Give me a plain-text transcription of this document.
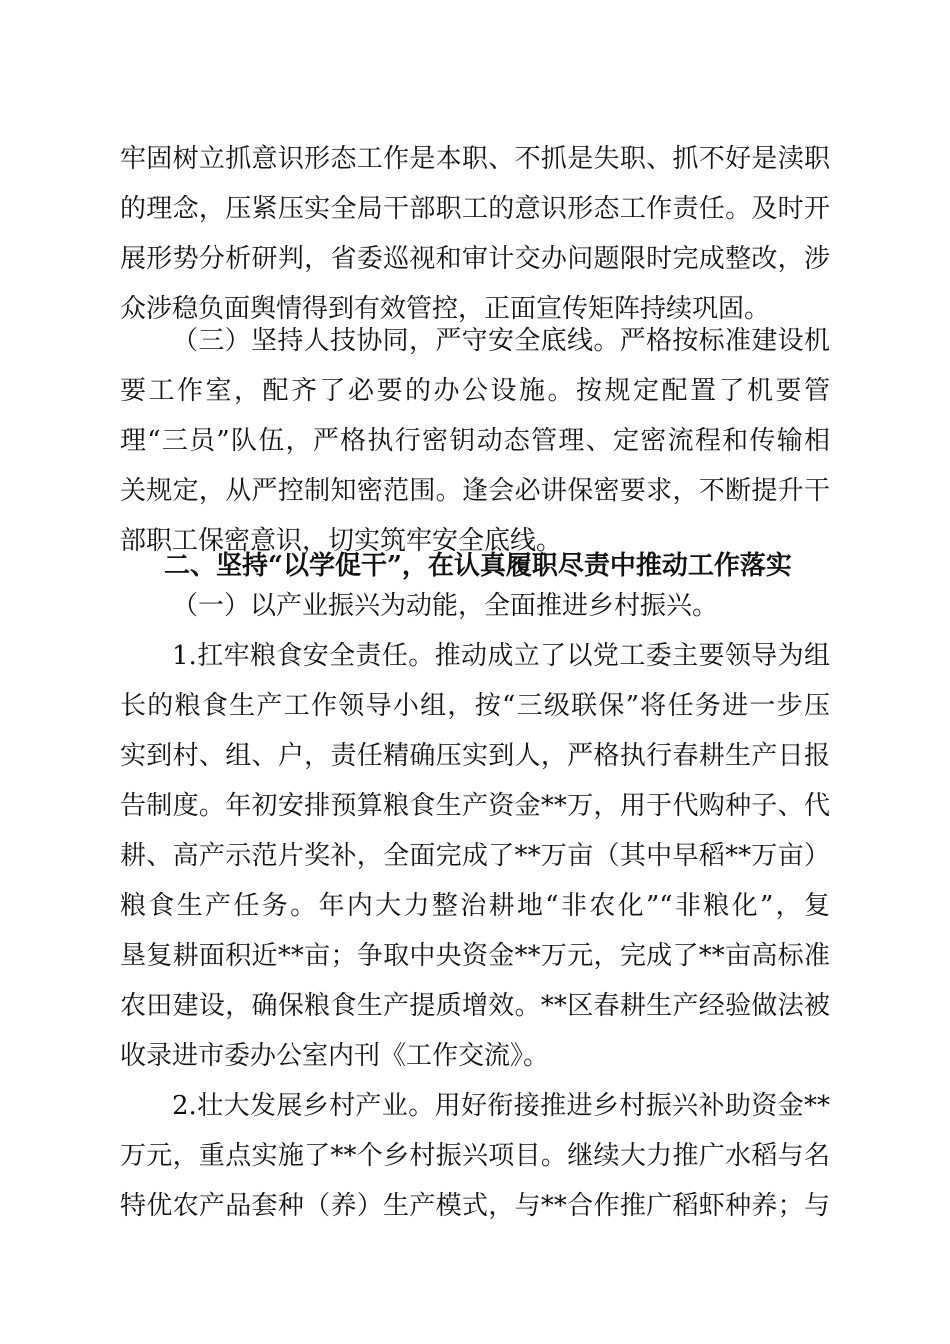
牢固树立抓意识形态工作是本职、不抓是失职、抓不好是渎职
的理念，压紧压实全局干部职工的意识形态工作责任。及时开
展形势分析研判，省委巡视和审计交办问题限时完成整改，涉
众涉稳负面舆情得到有效管控，正面宣传矩阵持续巩固。
（三）坚持人技协同，严守安全底线。严格按标准建设机
要工作室，配齐了必要的办公设施。按规定配置了机要管
理“三员”队伍，严格执行密钥动态管理、定密流程和传输相
关规定，从严控制知密范围。逢会必讲保密要求，不断提升干
部职工保密意识，切实筑牢安全底线。
二、坚持“以学促干”，在认真履职尽责中推动工作落实
（一）以产业振兴为动能，全面推进乡村振兴。
1.扛牢粮食安全责任。推动成立了以党工委主要领导为组
长的粮食生产工作领导小组，按“三级联保”将任务进一步压
实到村、组、户，责任精确压实到人，严格执行春耕生产日报
告制度。年初安排预算粮食生产资金**万，用于代购种子、代
耕、高产示范片奖补，全面完成了**万亩（其中早稻**万亩）
粮食生产任务。年内大力整治耕地“非农化”“非粮化”，复
垦复耕面积近**亩；争取中央资金**万元，完成了**亩高标准
农田建设，确保粮食生产提质增效。**区春耕生产经验做法被
收录进市委办公室内刊《工作交流》。
2.壮大发展乡村产业。用好衔接推进乡村振兴补助资金**
万元，重点实施了**个乡村振兴项目。继续大力推广水稻与名
特优农产品套种（养）生产模式，与**合作推广稻虾种养；与
